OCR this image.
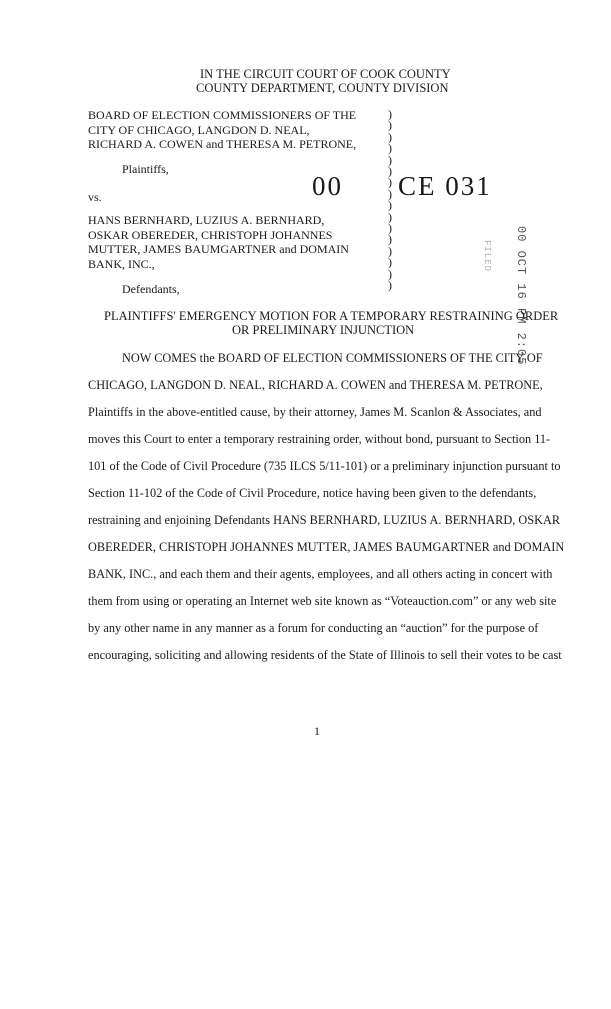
IN THE CIRCUIT COURT OF COOK COUNTY
COUNTY DEPARTMENT, COUNTY DIVISION
BOARD OF ELECTION COMMISSIONERS OF THE
CITY OF CHICAGO, LANGDON D. NEAL,
RICHARD A. COWEN and THERESA M. PETRONE,
Plaintiffs,
vs.
HANS BERNHARD, LUZIUS A. BERNHARD,
OSKAR OBEREDER, CHRISTOPH JOHANNES
MUTTER, JAMES BAUMGARTNER and DOMAIN
BANK, INC.,
Defendants,
)
)
)
)
)
)
)
)
)
)
)
)
)
)
)
)
00 CE 031
00 OCT 16 PM 2:05
FILED
PLAINTIFFS' EMERGENCY MOTION FOR A TEMPORARY RESTRAINING ORDER
OR PRELIMINARY INJUNCTION
NOW COMES the BOARD OF ELECTION COMMISSIONERS OF THE CITY OF
CHICAGO, LANGDON D. NEAL, RICHARD A. COWEN and THERESA M. PETRONE,
Plaintiffs in the above-entitled cause, by their attorney, James M. Scanlon & Associates, and
moves this Court to enter a temporary restraining order, without bond, pursuant to Section 11-
101 of the Code of Civil Procedure (735 ILCS 5/11-101) or a preliminary injunction pursuant to
Section 11-102 of the Code of Civil Procedure, notice having been given to the defendants,
restraining and enjoining Defendants HANS BERNHARD, LUZIUS A. BERNHARD, OSKAR
OBEREDER, CHRISTOPH JOHANNES MUTTER, JAMES BAUMGARTNER and DOMAIN
BANK, INC., and each them and their agents, employees, and all others acting in concert with
them from using or operating an Internet web site known as “Voteauction.com” or any web site
by any other name in any manner as a forum for conducting an “auction” for the purpose of
encouraging, soliciting and allowing residents of the State of Illinois to sell their votes to be cast
1
